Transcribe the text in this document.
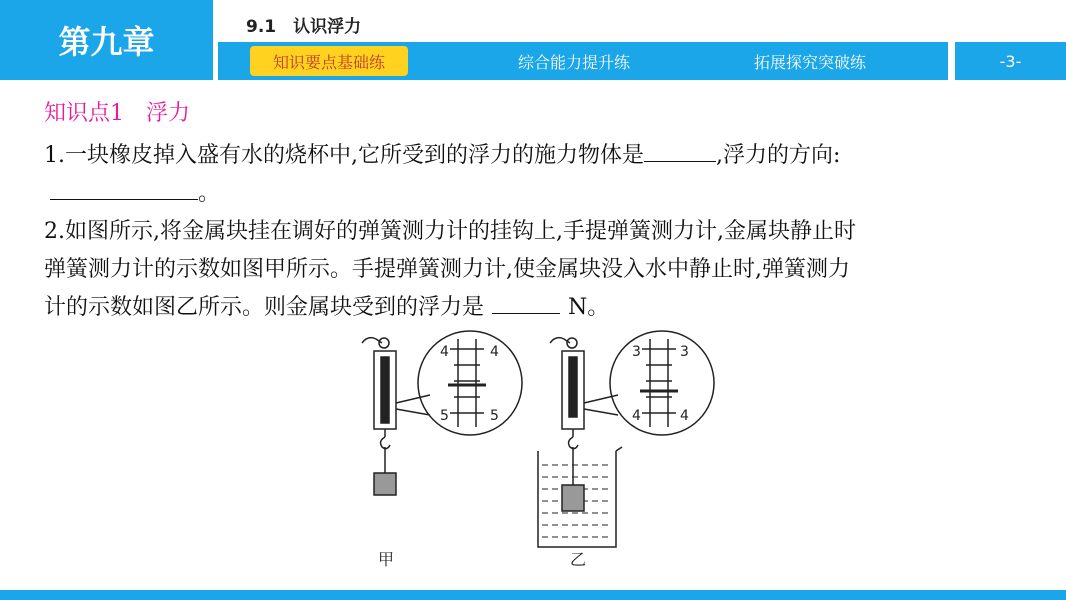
第九章	9.1　认识浮力
知识要点基础练	综合能力提升练	拓展探究突破练	-3-
知识点1　浮力
1.一块橡皮掉入盛有水的烧杯中,它所受到的浮力的施力物体是	,浮力的方向:
。
2.如图所示,将金属块挂在调好的弹簧测力计的挂钩上,手提弹簧测力计,金属块静止时
弹簧测力计的示数如图甲所示。手提弹簧测力计,使金属块没入水中静止时,弹簧测力
计的示数如图乙所示。则金属块受到的浮力是	N。
4	4
5	5
甲
3	3
4	4
乙
